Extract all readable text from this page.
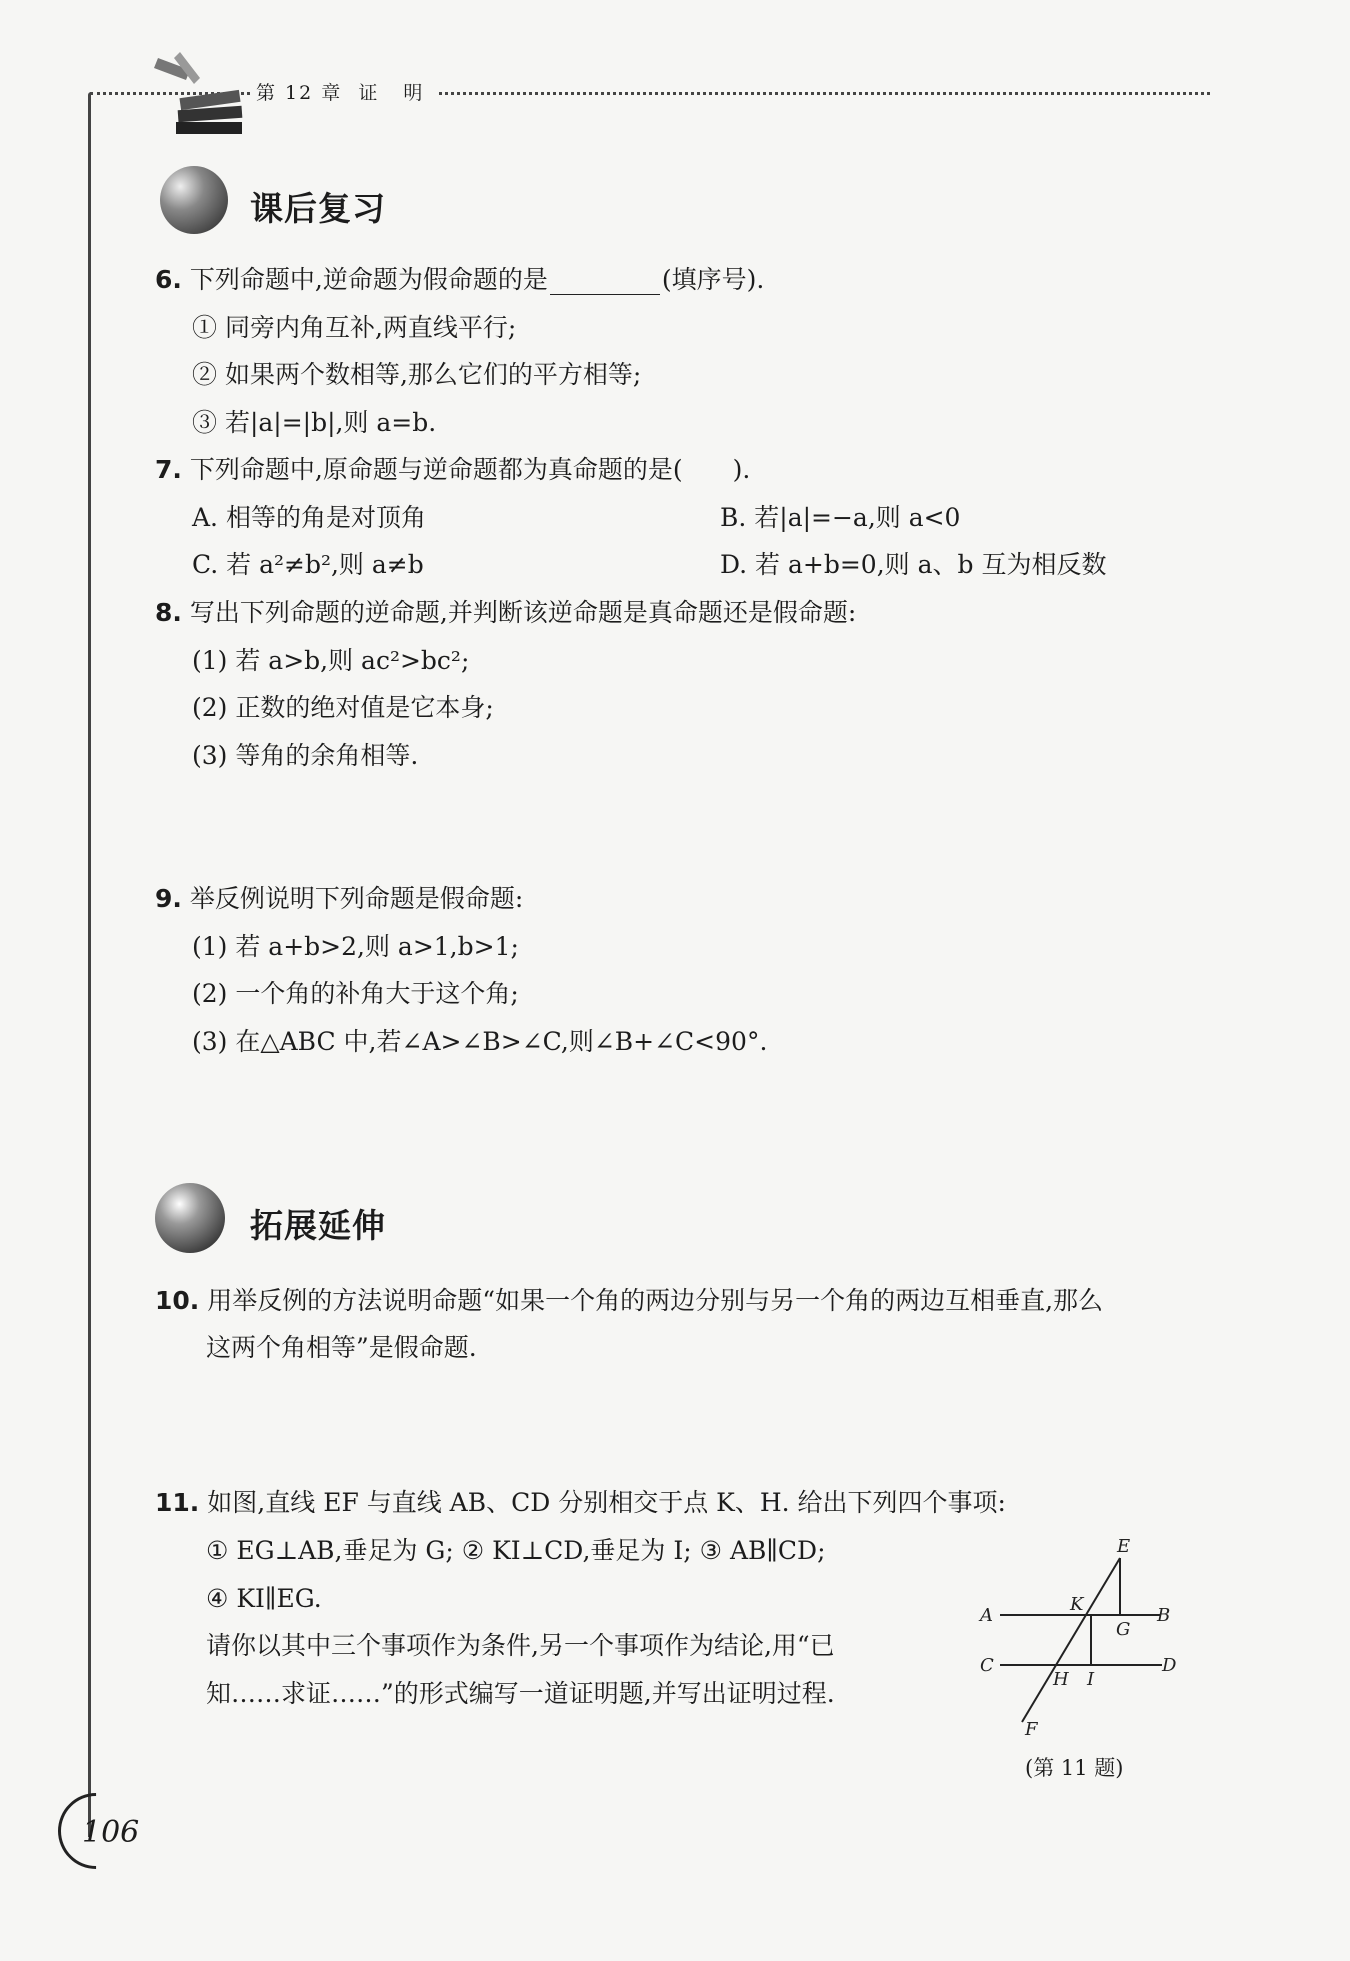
第 12 章 证 明
课后复习
6. 下列命题中,逆命题为假命题的是	(填序号).
① 同旁内角互补,两直线平行;
② 如果两个数相等,那么它们的平方相等;
③ 若|a|=|b|,则 a=b.
7. 下列命题中,原命题与逆命题都为真命题的是(　　).
A. 相等的角是对顶角	B. 若|a|=−a,则 a<0
C. 若 a²≠b²,则 a≠b	D. 若 a+b=0,则 a、b 互为相反数
8. 写出下列命题的逆命题,并判断该逆命题是真命题还是假命题:
(1) 若 a>b,则 ac²>bc²;
(2) 正数的绝对值是它本身;
(3) 等角的余角相等.
9. 举反例说明下列命题是假命题:
(1) 若 a+b>2,则 a>1,b>1;
(2) 一个角的补角大于这个角;
(3) 在△ABC 中,若∠A>∠B>∠C,则∠B+∠C<90°.
拓展延伸
10. 用举反例的方法说明命题“如果一个角的两边分别与另一个角的两边互相垂直,那么
这两个角相等”是假命题.
11. 如图,直线 EF 与直线 AB、CD 分别相交于点 K、H. 给出下列四个事项:
① EG⊥AB,垂足为 G; ② KI⊥CD,垂足为 I; ③ AB∥CD;
④ KI∥EG.
请你以其中三个事项作为条件,另一个事项作为结论,用“已
知……求证……”的形式编写一道证明题,并写出证明过程.
E
K
A	B
G
C	D
H I
F
(第 11 题)
106
